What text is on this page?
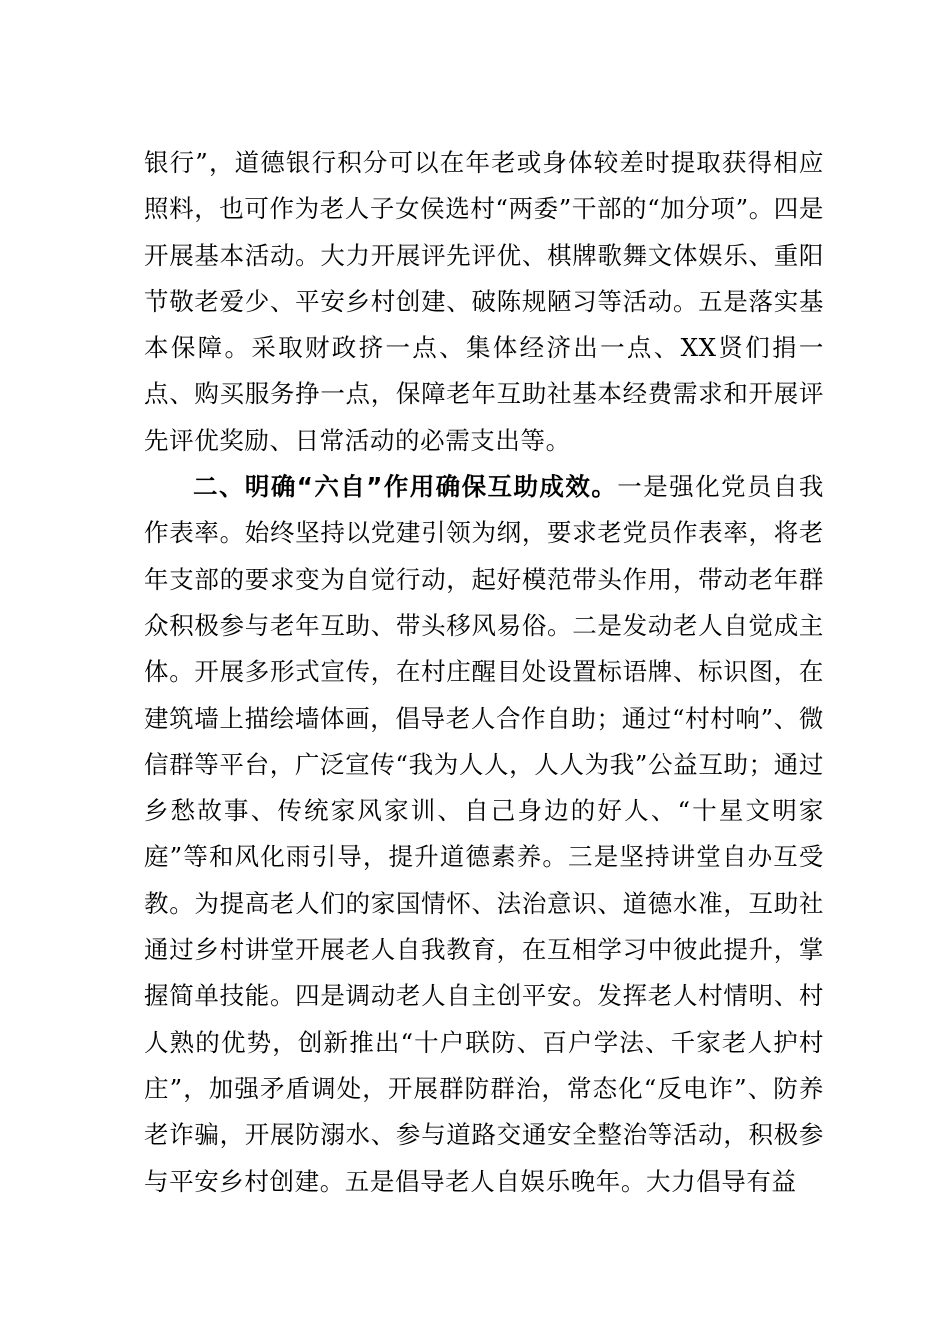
银行”，道德银行积分可以在年老或身体较差时提取获得相应照料，也可作为老人子女侯选村“两委”干部的“加分项”。四是开展基本活动。大力开展评先评优、棋牌歌舞文体娱乐、重阳节敬老爱少、平安乡村创建、破陈规陋习等活动。五是落实基本保障。采取财政挤一点、集体经济出一点、XX贤们捐一点、购买服务挣一点，保障老年互助社基本经费需求和开展评先评优奖励、日常活动的必需支出等。

二、明确“六自”作用确保互助成效。一是强化党员自我作表率。始终坚持以党建引领为纲，要求老党员作表率，将老年支部的要求变为自觉行动，起好模范带头作用，带动老年群众积极参与老年互助、带头移风易俗。二是发动老人自觉成主体。开展多形式宣传，在村庄醒目处设置标语牌、标识图，在建筑墙上描绘墙体画，倡导老人合作自助；通过“村村响”、微信群等平台，广泛宣传“我为人人，人人为我”公益互助；通过乡愁故事、传统家风家训、自己身边的好人、“十星文明家庭”等和风化雨引导，提升道德素养。三是坚持讲堂自办互受教。为提高老人们的家国情怀、法治意识、道德水准，互助社通过乡村讲堂开展老人自我教育，在互相学习中彼此提升，掌握简单技能。四是调动老人自主创平安。发挥老人村情明、村人熟的优势，创新推出“十户联防、百户学法、千家老人护村庄”，加强矛盾调处，开展群防群治，常态化“反电诈”、防养老诈骗，开展防溺水、参与道路交通安全整治等活动，积极参与平安乡村创建。五是倡导老人自娱乐晚年。大力倡导有益
